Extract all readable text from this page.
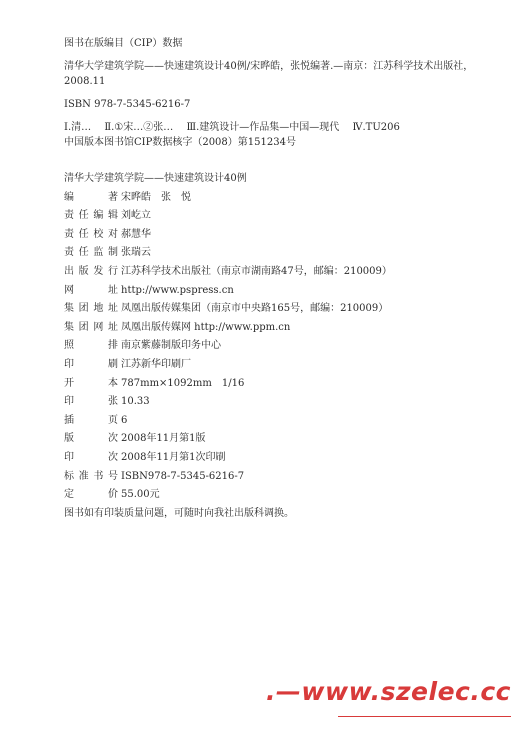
图书在版编目（CIP）数据

清华大学建筑学院——快速建筑设计40例/宋晔皓，张悦编著.—南京：江苏科学技术出版社，2008.11

ISBN 978-7-5345-6216-7

Ⅰ.清… Ⅱ.①宋…②张… Ⅲ.建筑设计—作品集—中国—现代 Ⅳ.TU206

中国版本图书馆CIP数据核字（2008）第151234号

清华大学建筑学院——快速建筑设计40例
编　　著 宋晔皓　张　悦
责任编辑 刘屹立
责任校对 郝慧华
责任监制 张瑞云
出版发行 江苏科学技术出版社（南京市湖南路47号，邮编：210009）
网　　址 http://www.pspress.cn
集团地址 凤凰出版传媒集团（南京市中央路165号，邮编：210009）
集团网址 凤凰出版传媒网 http://www.ppm.cn
照　　排 南京紫藤制版印务中心
印　　刷 江苏新华印刷厂
开　　本 787mm×1092mm　1/16
印　　张 10.33
插　　页 6
版　　次 2008年11月第1版
印　　次 2008年11月第1次印刷
标准书号 ISBN978-7-5345-6216-7
定　　价 55.00元
图书如有印装质量问题，可随时向我社出版科调换。
.—www.szelec.cc
